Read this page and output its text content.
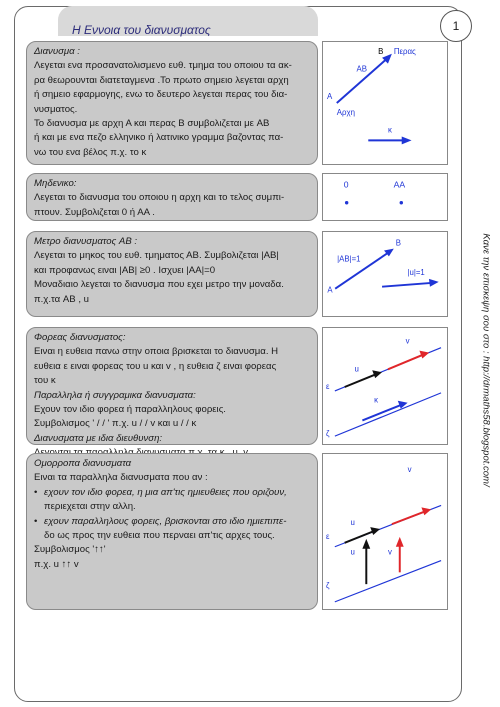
Η Εννοια του διανυσματος	1
Κανε την επισκεψη σου στο : http://drmaths58.blogspot.com/
Διανυσμα :
Λεγεται ενα προσανατολισμενο ευθ. τμημα του οποιου τα ακ-
ρα θεωρουνται διατεταγμενα .Το πρωτο σημειο λεγεται αρχη
ή σημειο εφαρμογης, ενω το δευτερο λεγεται περας του δια-
νυσματος.
Το διανυσμα με αρχη Α και περας Β συμβολιζεται με AB
ή και με ενα πεζο ελληνικο ή λατινικο γραμμα βαζοντας πα-
νω του ενα βέλος π.χ. το κ
Β Περας
AB
Α
Αρχη
κ
Μηδενικο:
Λεγεται το διανυσμα του οποιου η αρχη και το τελος συμπι-
πτουν. Συμβολιζεται 0 ή ΑΑ .
0	AA
Μετρο διανυσματος AB :
Λεγεται το μηκος του ευθ. τμηματος ΑΒ. Συμβολιζεται |AB|
και προφανως ειναι |AB| ≥0 . Ισχυει |AA|=0
Μοναδιαιο λεγεται το διανυσμα που εχει μετρο την μοναδα.
π.χ.τα AB , u
Β
Α
|AB|=1
|u|=1
Φορεας διανυσματος:
Ειναι η ευθεια πανω στην οποια βρισκεται το διανυσμα. Η
ευθεια ε ειναι φορεας του u και v , η ευθεια ζ ειναι φορεας
του κ
Παραλληλα ή συγγραμικα διανυσματα:
Εχουν τον ιδιο φορεα ή παραλληλους φορεις.
Συμβολισμος ' / / ' π.χ. u / / v και u / / κ
Διανυσματα με ιδια διευθυνση:
v
u
ε
κ
ζ
Ομορροπα διανυσματα
Ειναι τα παραλληλα διανυσματα που αν :
• εχουν τον ιδιο φορεα, η μια απ'τις ημιευθειες που οριζουν,
περιεχεται στην αλλη.
• εχουν παραλληλους φορεις, βρισκονται στο ιδιο ημιεπιπε-
δο ως προς την ευθεια που περναει απ'τις αρχες τους.
Συμβολισμος '↑↑'
π.χ. u ↑↑ v
v
u
ε
u	v
ζ
